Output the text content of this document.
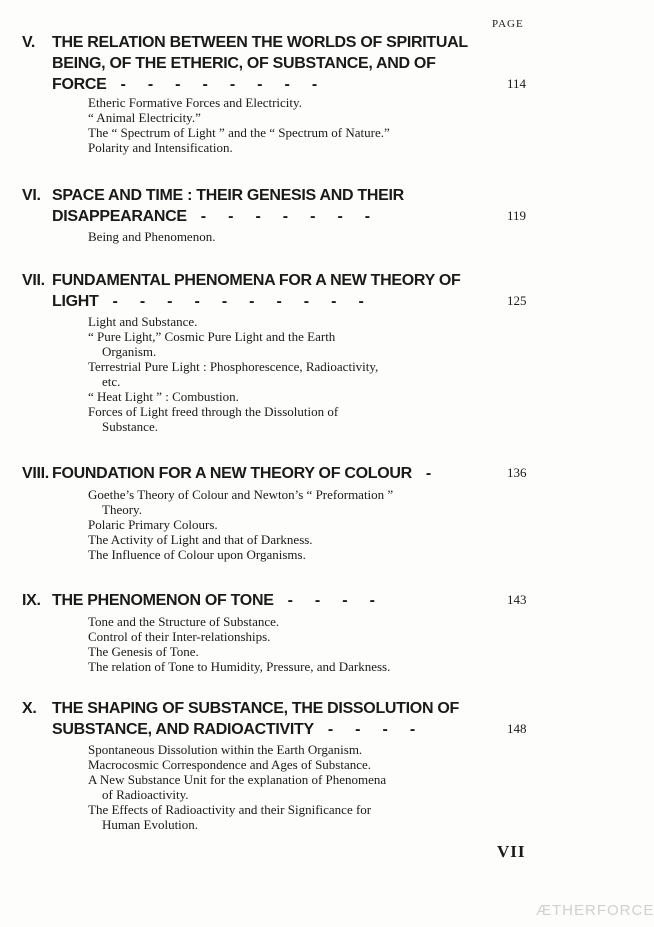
PAGE
V. THE RELATION BETWEEN THE WORLDS OF SPIRITUAL
BEING, OF THE ETHERIC, OF SUBSTANCE, AND OF
FORCE --------	114
Etheric Formative Forces and Electricity.
“ Animal Electricity.”
The “ Spectrum of Light ” and the “ Spectrum of Nature.”
Polarity and Intensification.
VI. SPACE AND TIME : THEIR GENESIS AND THEIR
DISAPPEARANCE -------	119
Being and Phenomenon.
VII. FUNDAMENTAL PHENOMENA FOR A NEW THEORY OF
LIGHT ----------	125
Light and Substance.
“ Pure Light,” Cosmic Pure Light and the Earth
Organism.
Terrestrial Pure Light : Phosphorescence, Radioactivity,
etc.
“ Heat Light ” : Combustion.
Forces of Light freed through the Dissolution of
Substance.
VIII. FOUNDATION FOR A NEW THEORY OF COLOUR -	136
Goethe’s Theory of Colour and Newton’s “ Preformation ”
Theory.
Polaric Primary Colours.
The Activity of Light and that of Darkness.
The Influence of Colour upon Organisms.
IX. THE PHENOMENON OF TONE ----	143
Tone and the Structure of Substance.
Control of their Inter-relationships.
The Genesis of Tone.
The relation of Tone to Humidity, Pressure, and Darkness.
X. THE SHAPING OF SUBSTANCE, THE DISSOLUTION OF
SUBSTANCE, AND RADIOACTIVITY ----	148
Spontaneous Dissolution within the Earth Organism.
Macrocosmic Correspondence and Ages of Substance.
A New Substance Unit for the explanation of Phenomena
of Radioactivity.
The Effects of Radioactivity and their Significance for
Human Evolution.
VII
ÆTHERFORCE
